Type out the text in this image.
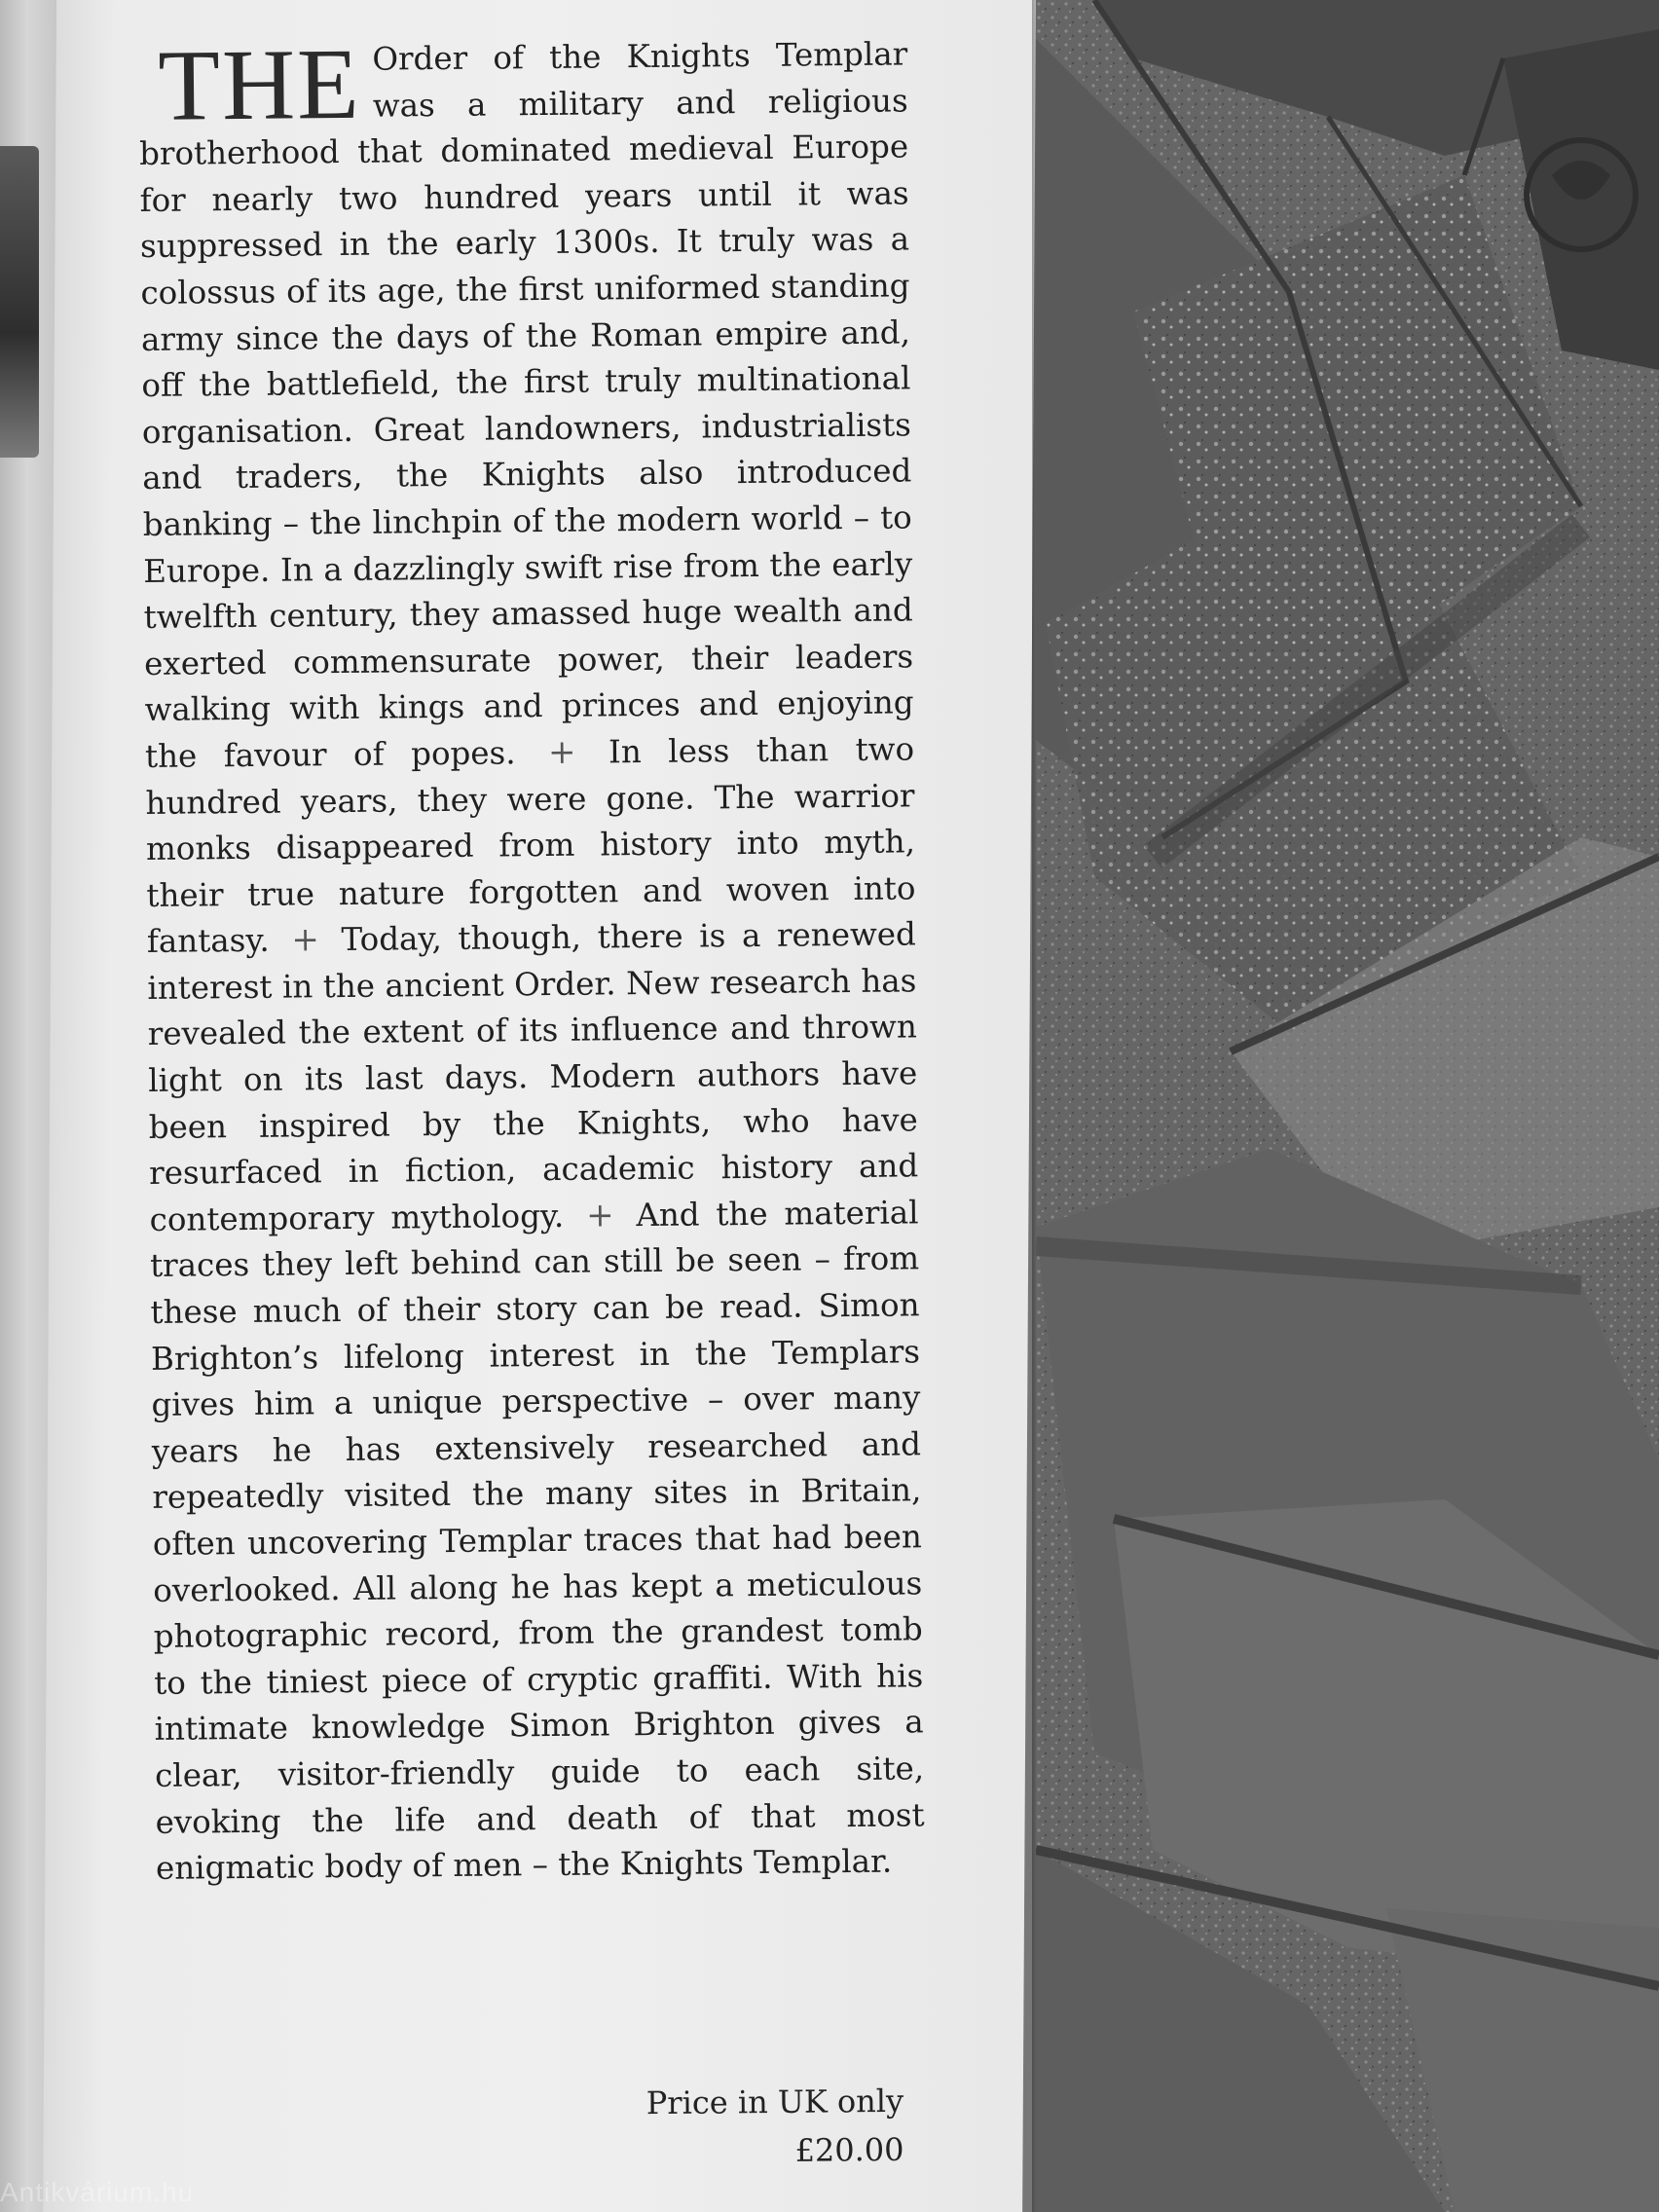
THE Order of the Knights Templar was a military and religious brotherhood that dominated medieval Europe for nearly two hundred years until it was suppressed in the early 1300s. It truly was a colossus of its age, the first uniformed standing army since the days of the Roman empire and, off the battlefield, the first truly multinational organisation. Great landowners, industrialists and traders, the Knights also introduced banking – the linchpin of the modern world – to Europe. In a dazzlingly swift rise from the early twelfth century, they amassed huge wealth and exerted commensurate power, their leaders walking with kings and princes and enjoying the favour of popes. + In less than two hundred years, they were gone. The warrior monks disappeared from history into myth, their true nature forgotten and woven into fantasy. + Today, though, there is a renewed interest in the ancient Order. New research has revealed the extent of its influence and thrown light on its last days. Modern authors have been inspired by the Knights, who have resurfaced in fiction, academic history and contemporary mythology. + And the material traces they left behind can still be seen – from these much of their story can be read. Simon Brighton’s lifelong interest in the Templars gives him a unique perspective – over many years he has extensively researched and repeatedly visited the many sites in Britain, often uncovering Templar traces that had been overlooked. All along he has kept a meticulous photographic record, from the grandest tomb to the tiniest piece of cryptic graffiti. With his intimate knowledge Simon Brighton gives a clear, visitor-friendly guide to each site, evoking the life and death of that most enigmatic body of men – the Knights Templar.
Price in UK only
£20.00
Antikvárium.hu
